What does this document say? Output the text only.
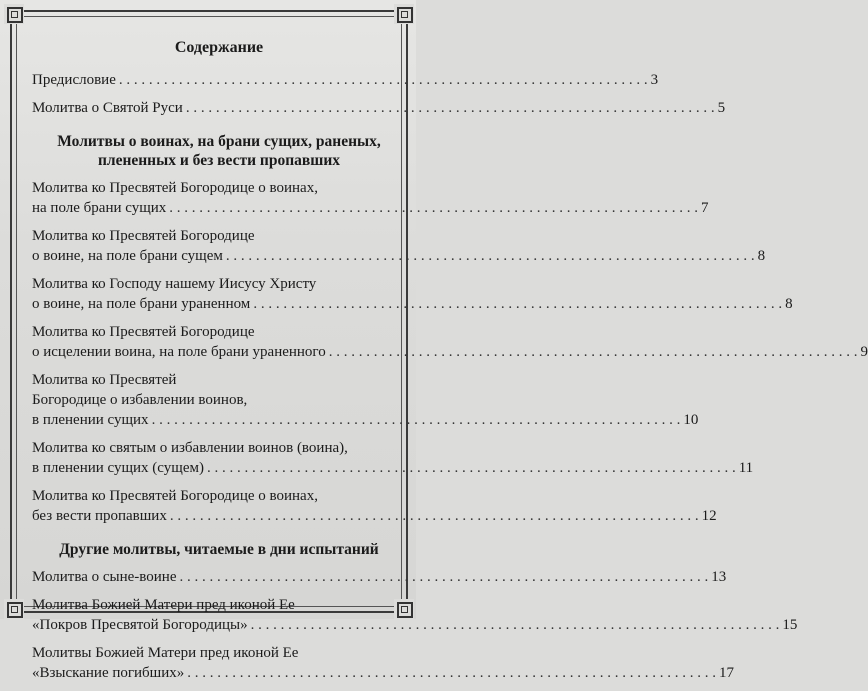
Содержание
Предисловие . . .	3
Молитва о Святой Руси . . .	5
Молитвы о воинах, на брани сущих, раненых,
плененных и без вести пропавших
Молитва ко Пресвятей Богородице о воинах,
на поле брани сущих . . .	7
Молитва ко Пресвятей Богородице
о воине, на поле брани сущем . . .	8
Молитва ко Господу нашему Иисусу Христу
о воине, на поле брани ураненном . . .	8
Молитва ко Пресвятей Богородице
о исцелении воина, на поле брани ураненного . . .	9
Молитва ко Пресвятей
Богородице о избавлении воинов,
в пленении сущих . . .	10
Молитва ко святым о избавлении воинов (воина),
в пленении сущих (сущем) . . .	11
Молитва ко Пресвятей Богородице о воинах,
без вести пропавших . . .	12
Другие молитвы, читаемые в дни испытаний
Молитва о сыне-воине . . .	13
Молитва Божией Матери пред иконой Ее
«Покров Пресвятой Богородицы» . . .	15
Молитвы Божией Матери пред иконой Ее
«Взыскание погибших» . . .	17
